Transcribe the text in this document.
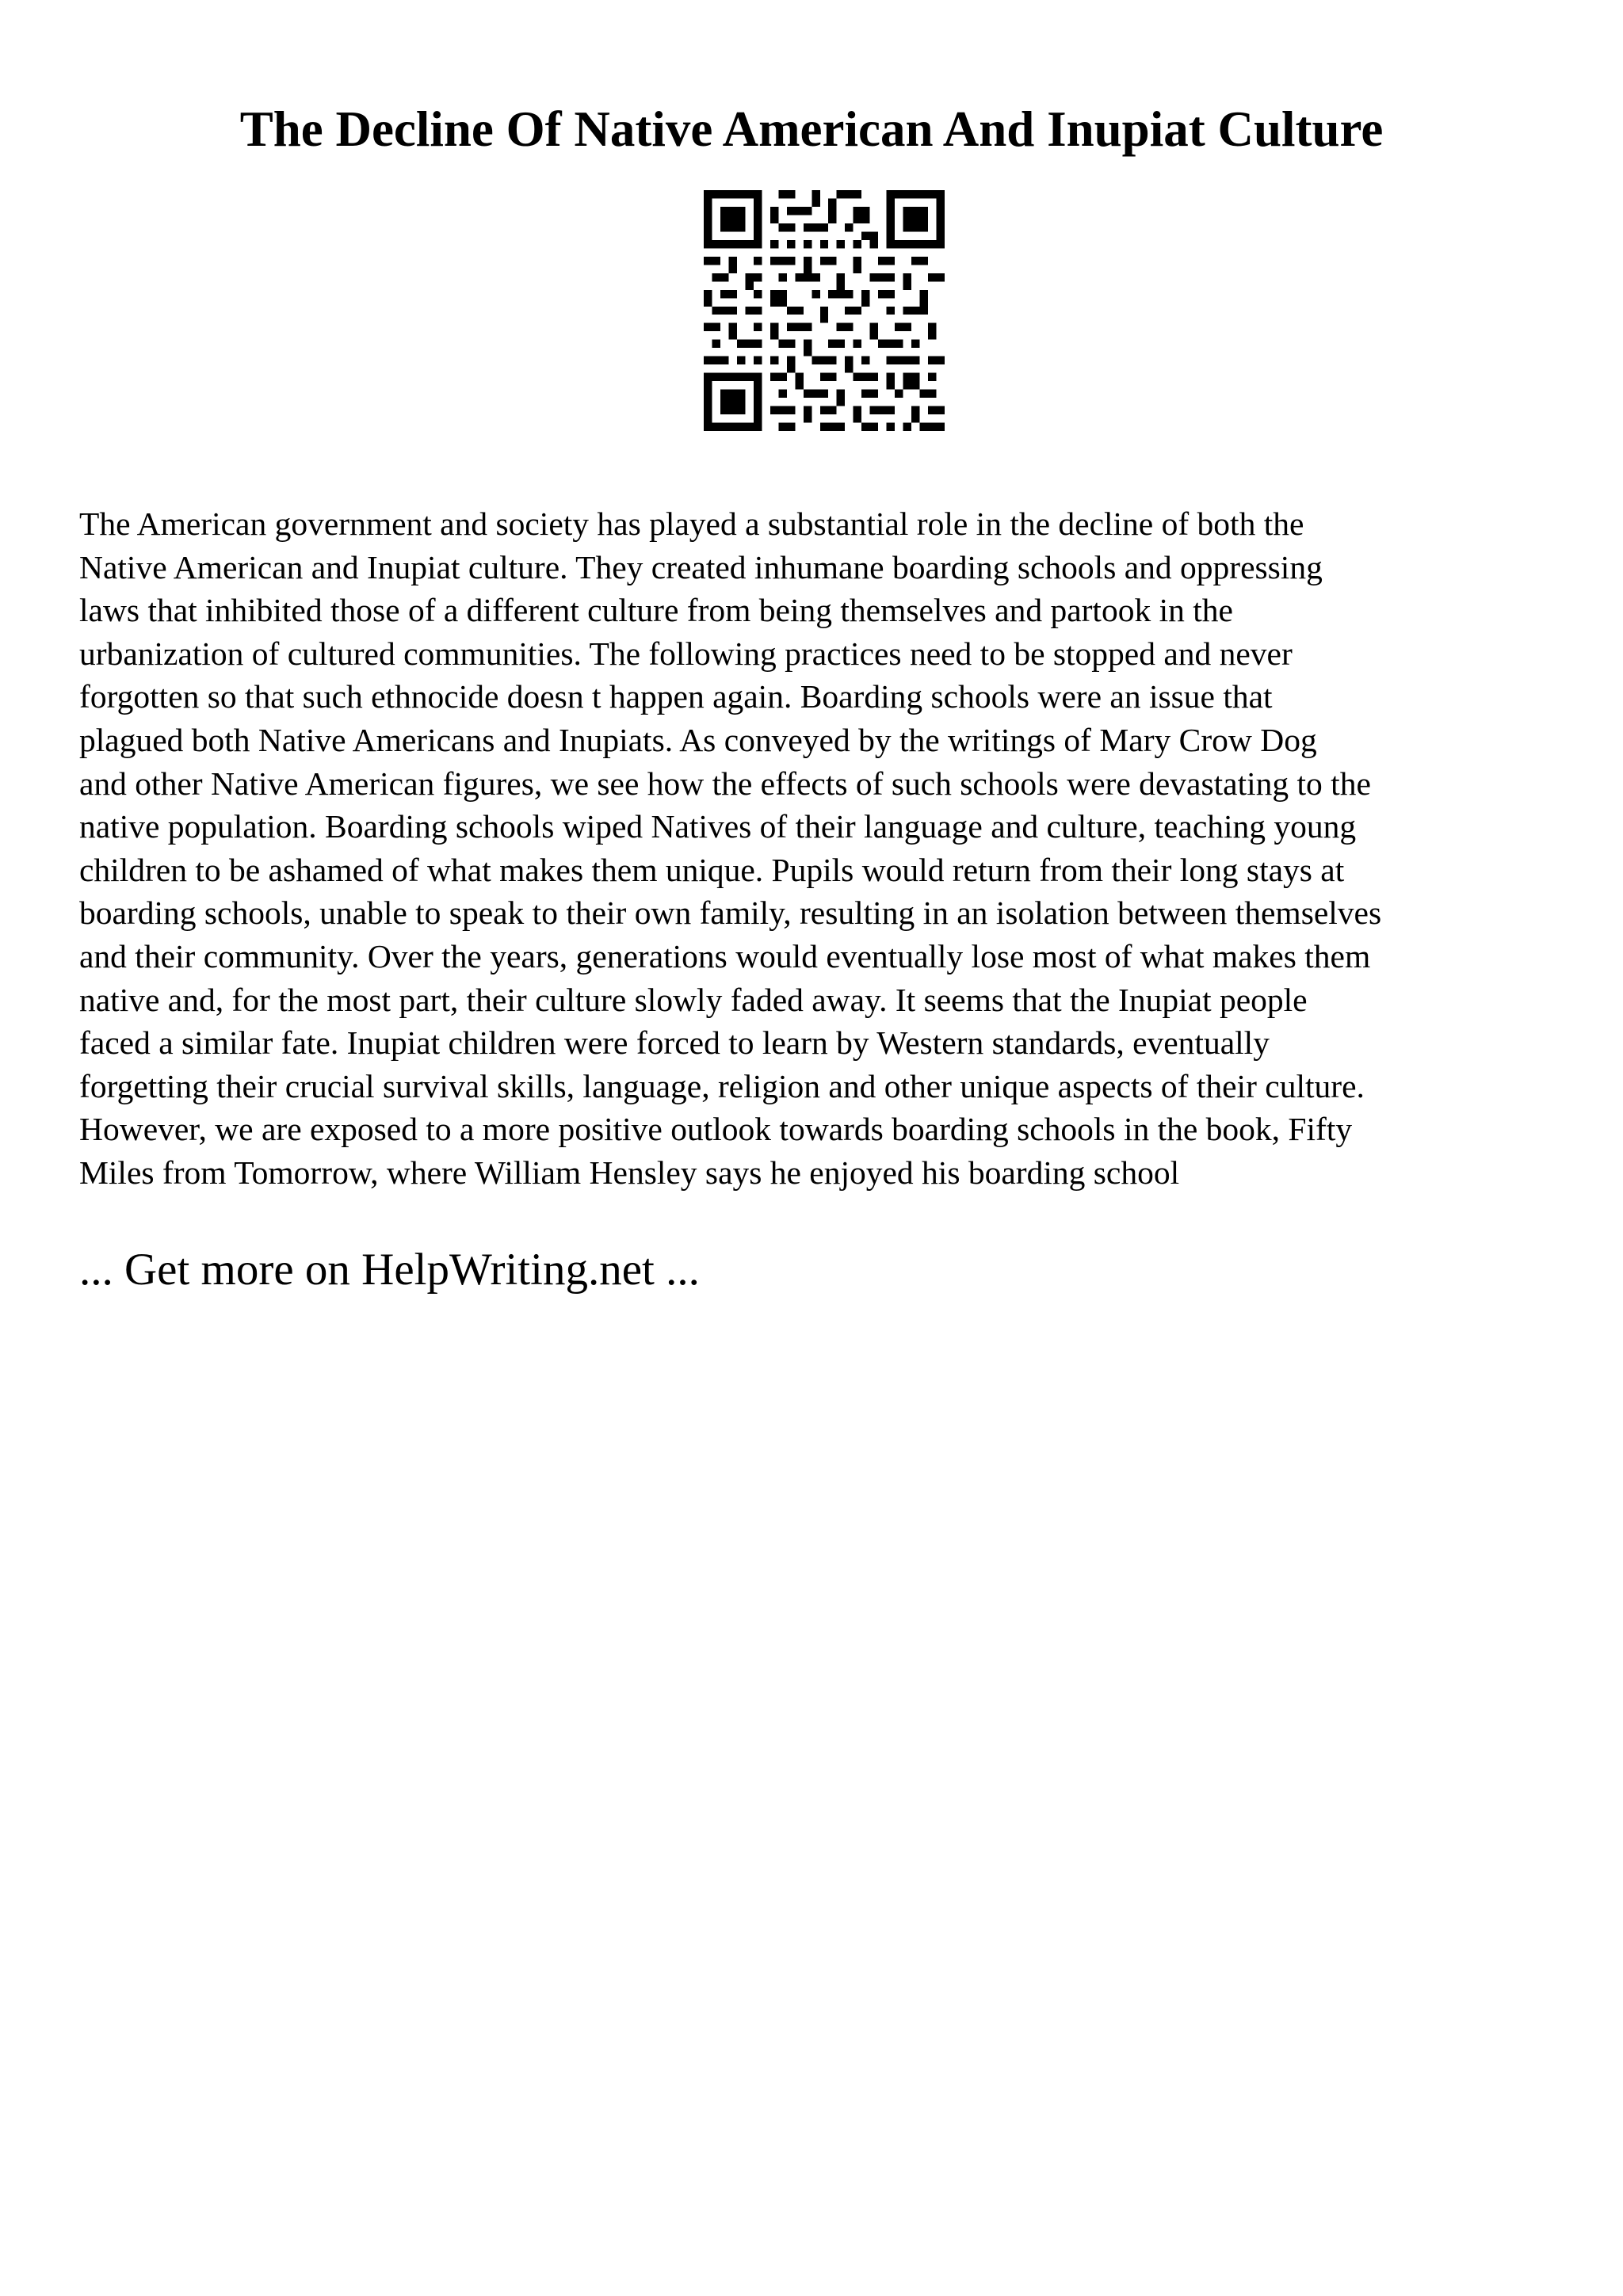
The Decline Of Native American And Inupiat Culture

The American government and society has played a substantial role in the decline of both the
Native American and Inupiat culture. They created inhumane boarding schools and oppressing
laws that inhibited those of a different culture from being themselves and partook in the
urbanization of cultured communities. The following practices need to be stopped and never
forgotten so that such ethnocide doesn t happen again. Boarding schools were an issue that
plagued both Native Americans and Inupiats. As conveyed by the writings of Mary Crow Dog
and other Native American figures, we see how the effects of such schools were devastating to the
native population. Boarding schools wiped Natives of their language and culture, teaching young
children to be ashamed of what makes them unique. Pupils would return from their long stays at
boarding schools, unable to speak to their own family, resulting in an isolation between themselves
and their community. Over the years, generations would eventually lose most of what makes them
native and, for the most part, their culture slowly faded away. It seems that the Inupiat people
faced a similar fate. Inupiat children were forced to learn by Western standards, eventually
forgetting their crucial survival skills, language, religion and other unique aspects of their culture.
However, we are exposed to a more positive outlook towards boarding schools in the book, Fifty
Miles from Tomorrow, where William Hensley says he enjoyed his boarding school

... Get more on HelpWriting.net ...
